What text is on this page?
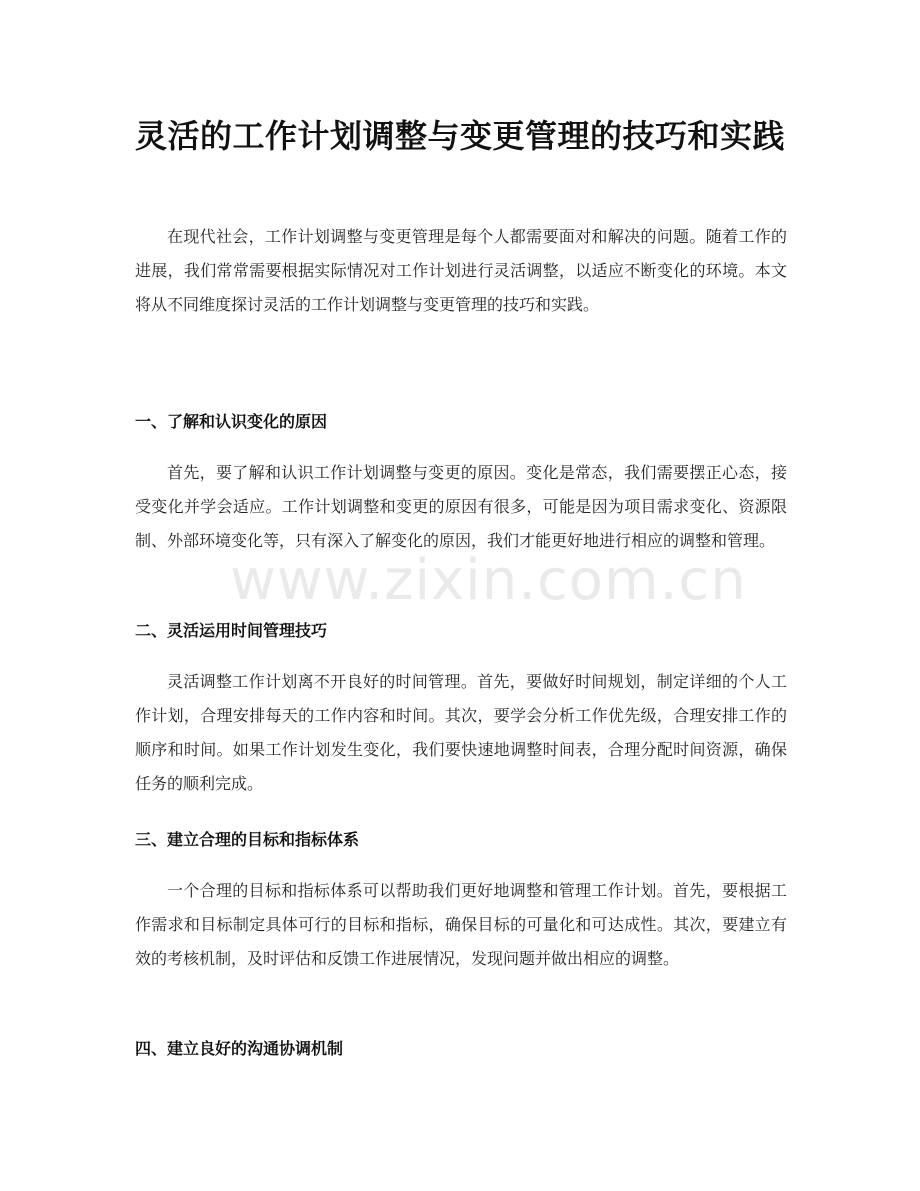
灵活的工作计划调整与变更管理的技巧和实践

在现代社会，工作计划调整与变更管理是每个人都需要面对和解决的问题。随着工作的进展，我们常常需要根据实际情况对工作计划进行灵活调整，以适应不断变化的环境。本文将从不同维度探讨灵活的工作计划调整与变更管理的技巧和实践。

一、了解和认识变化的原因

首先，要了解和认识工作计划调整与变更的原因。变化是常态，我们需要摆正心态，接受变化并学会适应。工作计划调整和变更的原因有很多，可能是因为项目需求变化、资源限制、外部环境变化等，只有深入了解变化的原因，我们才能更好地进行相应的调整和管理。

二、灵活运用时间管理技巧

灵活调整工作计划离不开良好的时间管理。首先，要做好时间规划，制定详细的个人工作计划，合理安排每天的工作内容和时间。其次，要学会分析工作优先级，合理安排工作的顺序和时间。如果工作计划发生变化，我们要快速地调整时间表，合理分配时间资源，确保任务的顺利完成。

三、建立合理的目标和指标体系

一个合理的目标和指标体系可以帮助我们更好地调整和管理工作计划。首先，要根据工作需求和目标制定具体可行的目标和指标，确保目标的可量化和可达成性。其次，要建立有效的考核机制，及时评估和反馈工作进展情况，发现问题并做出相应的调整。

四、建立良好的沟通协调机制
www.zixin.com.cn
